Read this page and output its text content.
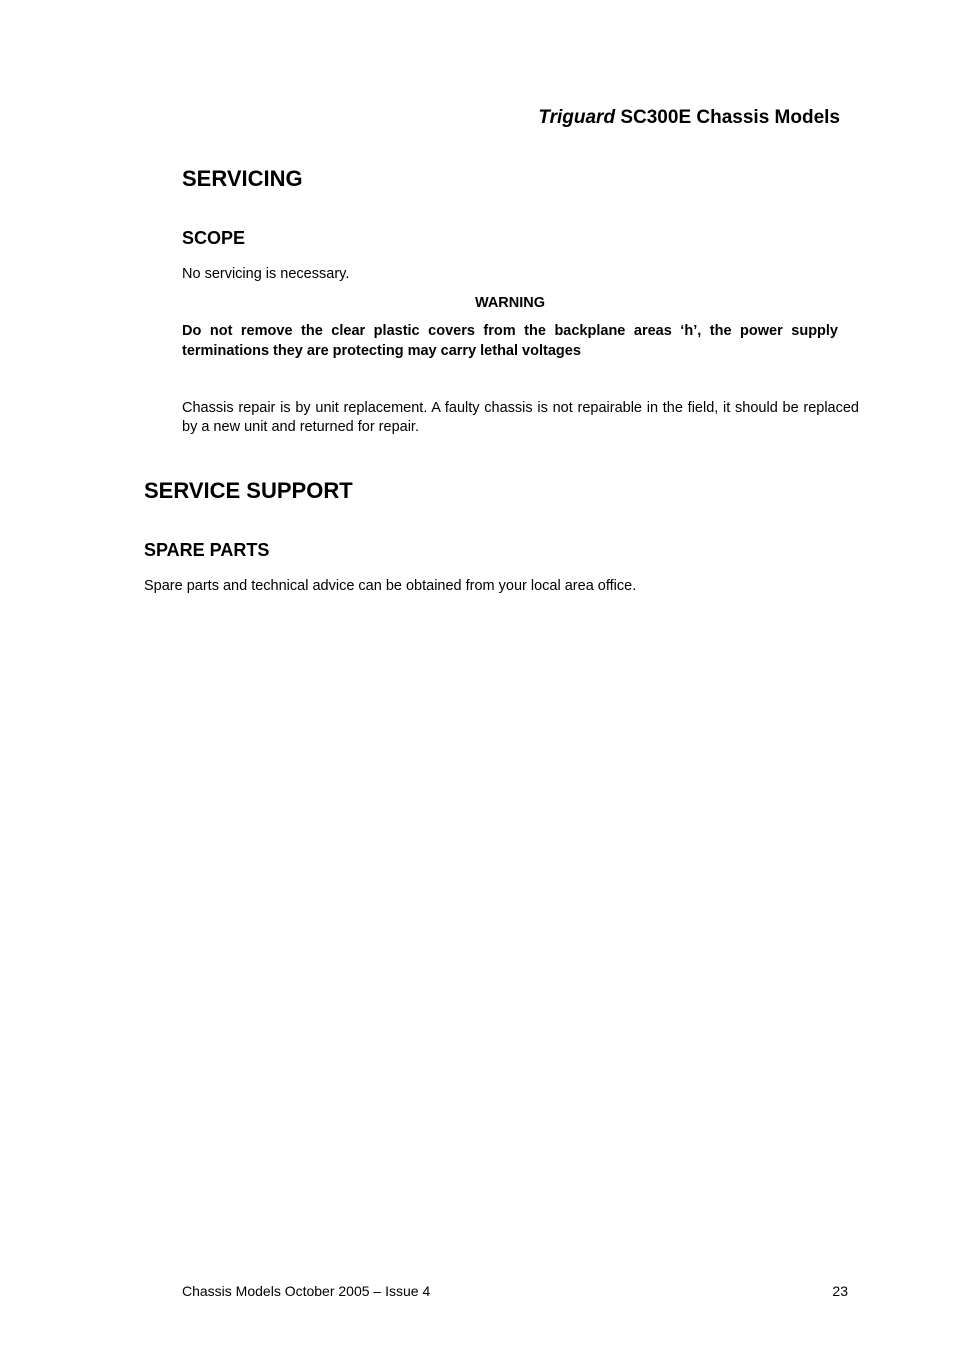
Triguard SC300E Chassis Models
SERVICING
SCOPE
No servicing is necessary.
WARNING
Do not remove the clear plastic covers from the backplane areas ‘h’, the power supply terminations they are protecting may carry lethal voltages
Chassis repair is by unit replacement. A faulty chassis is not repairable in the field, it should be replaced by a new unit and returned for repair.
SERVICE SUPPORT
SPARE PARTS
Spare parts and technical advice can be obtained from your local area office.
Chassis Models October 2005 – Issue 4	23
